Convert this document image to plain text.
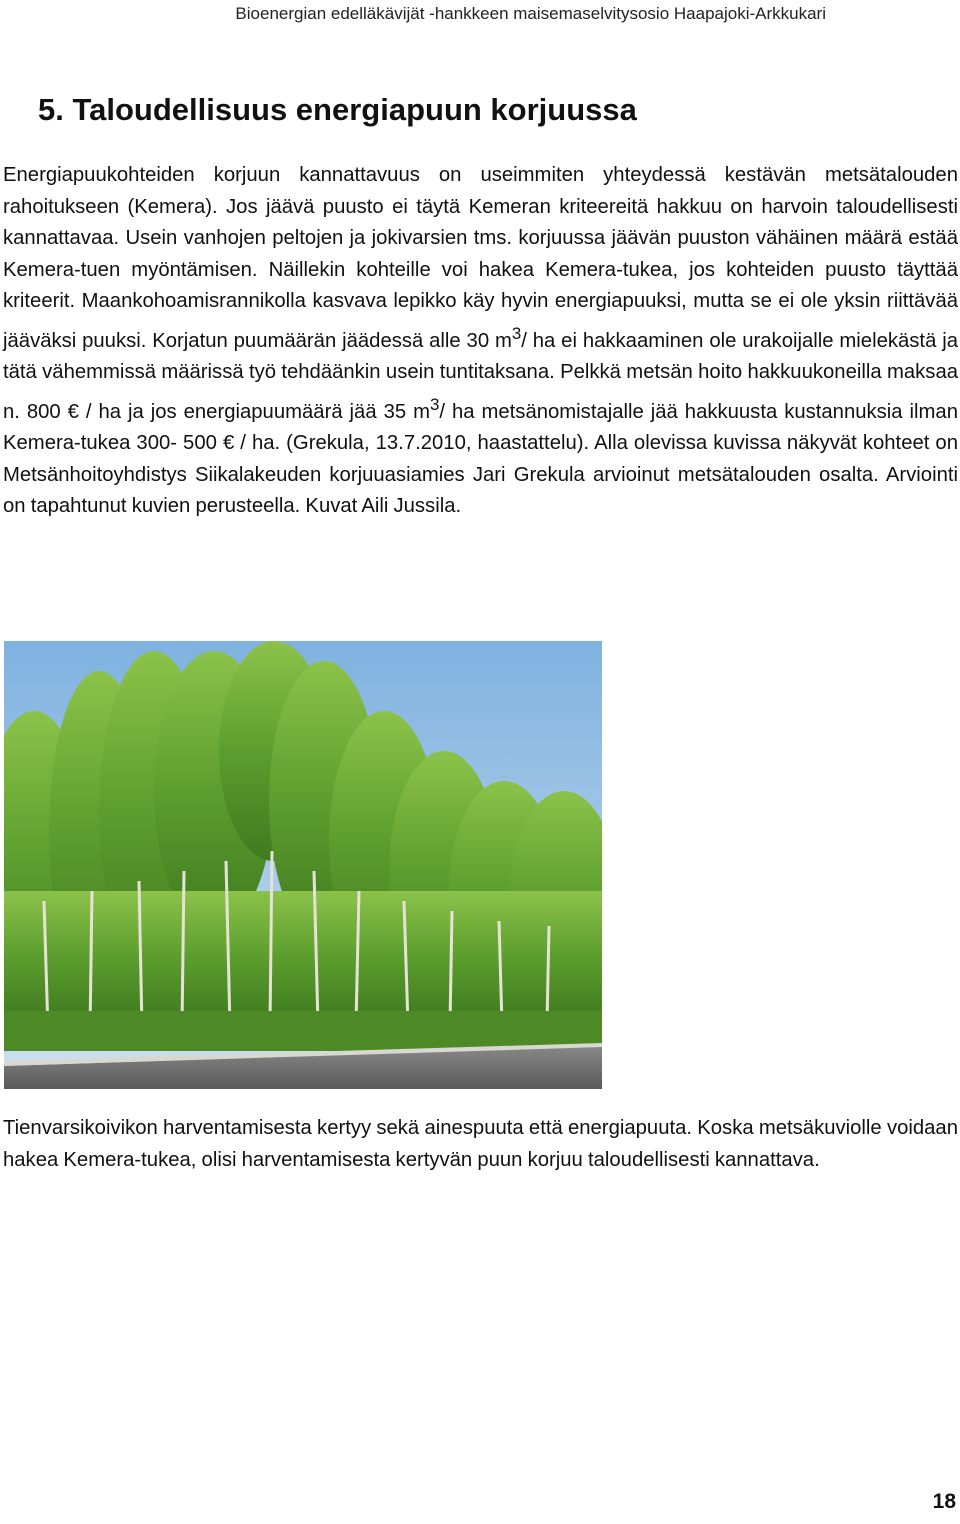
Bioenergian edelläkävijät -hankkeen maisemaselvitysosio Haapajoki-Arkkukari
5. Taloudellisuus energiapuun korjuussa

Energiapuukohteiden korjuun kannattavuus on useimmiten yhteydessä kestävän metsätalouden rahoitukseen (Kemera). Jos jäävä puusto ei täytä Kemeran kriteereitä hakkuu on harvoin taloudellisesti kannattavaa. Usein vanhojen peltojen ja jokivarsien tms. korjuussa jäävän puuston vähäinen määrä estää Kemera-tuen myöntämisen. Näillekin kohteille voi hakea Kemera-tukea, jos kohteiden puusto täyttää kriteerit. Maankohoamisrannikolla kasvava lepikko käy hyvin energiapuuksi, mutta se ei ole yksin riittävää jääväksi puuksi. Korjatun puumäärän jäädessä alle 30 $m^3/$ ha ei hakkaaminen ole urakoijalle mielekästä ja tätä vähemmissä määrissä työ tehdäänkin usein tuntitaksana. Pelkkä metsän hoito hakkuukoneilla maksaa n. 800 € / ha ja jos energiapuumäärä jää 35 $m^3/$ ha metsänomistajalle jää hakkuusta kustannuksia ilman Kemera-tukea 300- 500 € / ha. (Grekula, 13.7.2010, haastattelu). Alla olevissa kuvissa näkyvät kohteet on Metsänhoitoyhdistys Siikalakeuden korjuuasiamies Jari Grekula arvioinut metsätalouden osalta. Arviointi on tapahtunut kuvien perusteella. Kuvat Aili Jussila.

Tienvarsikoivikon harventamisesta kertyy sekä ainespuuta että energiapuuta. Koska metsäkuviolle voidaan hakea Kemera-tukea, olisi harventamisesta kertyvän puun korjuu taloudellisesti kannattava.

18
